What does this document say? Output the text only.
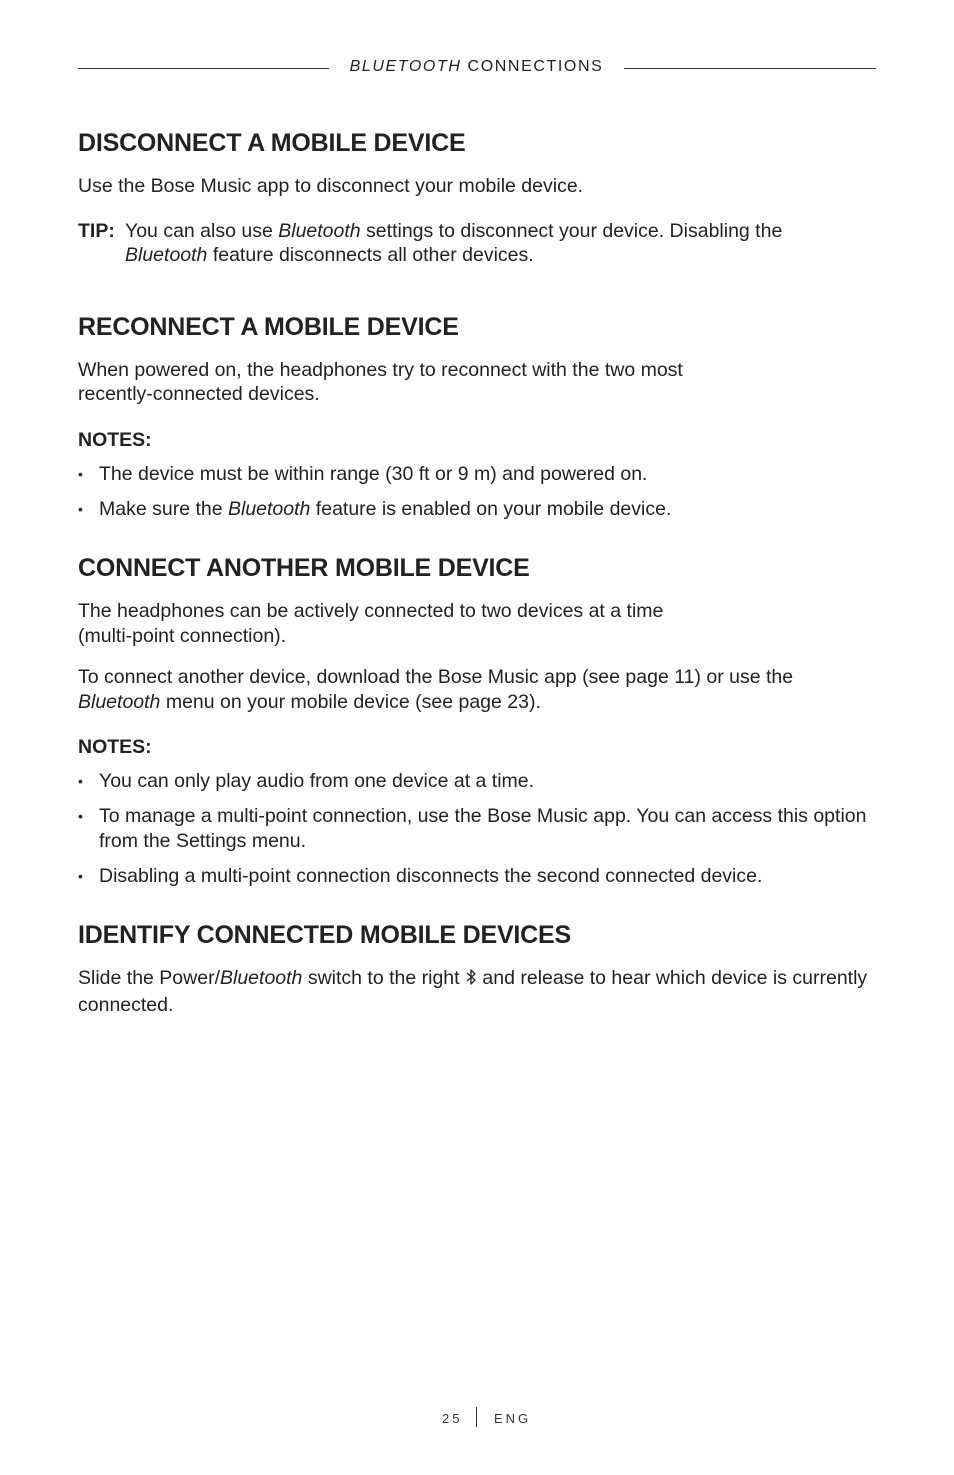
BLUETOOTH CONNECTIONS
DISCONNECT A MOBILE DEVICE

Use the Bose Music app to disconnect your mobile device.

TIP: You can also use Bluetooth settings to disconnect your device. Disabling the
Bluetooth feature disconnects all other devices.
RECONNECT A MOBILE DEVICE

When powered on, the headphones try to reconnect with the two most
recently-connected devices.

NOTES:
• The device must be within range (30 ft or 9 m) and powered on.
• Make sure the Bluetooth feature is enabled on your mobile device.
CONNECT ANOTHER MOBILE DEVICE

The headphones can be actively connected to two devices at a time
(multi-point connection).

To connect another device, download the Bose Music app (see page 11) or use the
Bluetooth menu on your mobile device (see page 23).

NOTES:
• You can only play audio from one device at a time.
• To manage a multi-point connection, use the Bose Music app. You can access this option from the Settings menu.
• Disabling a multi-point connection disconnects the second connected device.
IDENTIFY CONNECTED MOBILE DEVICES

Slide the Power/Bluetooth switch to the right  and release to hear which device is currently connected.

25 ENG
